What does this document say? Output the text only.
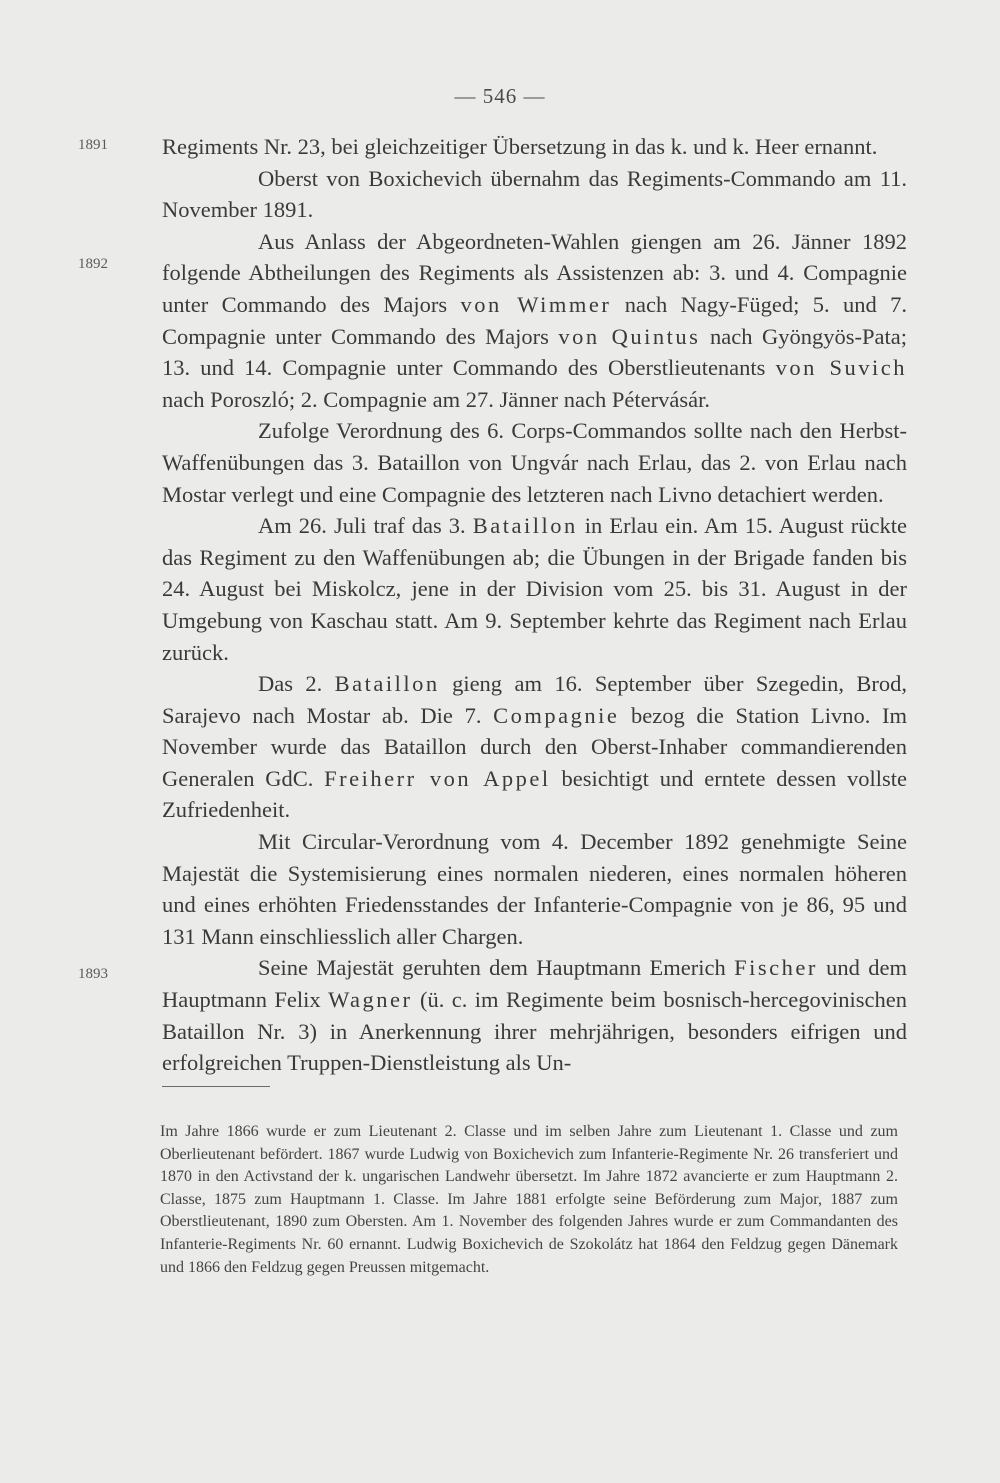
— 546 —
1891
1892
1893

Regiments Nr. 23, bei gleichzeitiger Übersetzung in das k. und k. Heer ernannt.

Oberst von Boxichevich übernahm das Regiments-Commando am 11. November 1891.

Aus Anlass der Abgeordneten-Wahlen giengen am 26. Jänner 1892 folgende Abtheilungen des Regiments als Assistenzen ab: 3. und 4. Compagnie unter Commando des Majors von Wimmer nach Nagy-Füged; 5. und 7. Compagnie unter Commando des Majors von Quintus nach Gyöngyös-Pata; 13. und 14. Compagnie unter Commando des Oberstlieutenants von Suvich nach Poroszló; 2. Compagnie am 27. Jänner nach Pétervásár.

Zufolge Verordnung des 6. Corps-Commandos sollte nach den Herbst-Waffenübungen das 3. Bataillon von Ungvár nach Erlau, das 2. von Erlau nach Mostar verlegt und eine Compagnie des letzteren nach Livno detachiert werden.

Am 26. Juli traf das 3. Bataillon in Erlau ein. Am 15. August rückte das Regiment zu den Waffenübungen ab; die Übungen in der Brigade fanden bis 24. August bei Miskolcz, jene in der Division vom 25. bis 31. August in der Umgebung von Kaschau statt. Am 9. September kehrte das Regiment nach Erlau zurück.

Das 2. Bataillon gieng am 16. September über Szegedin, Brod, Sarajevo nach Mostar ab. Die 7. Compagnie bezog die Station Livno. Im November wurde das Bataillon durch den Oberst-Inhaber commandierenden Generalen GdC. Freiherr von Appel besichtigt und erntete dessen vollste Zufriedenheit.

Mit Circular-Verordnung vom 4. December 1892 genehmigte Seine Majestät die Systemisierung eines normalen niederen, eines normalen höheren und eines erhöhten Friedensstandes der Infanterie-Compagnie von je 86, 95 und 131 Mann einschliesslich aller Chargen.

Seine Majestät geruhten dem Hauptmann Emerich Fischer und dem Hauptmann Felix Wagner (ü. c. im Regimente beim bosnisch-hercegovinischen Bataillon Nr. 3) in Anerkennung ihrer mehrjährigen, besonders eifrigen und erfolgreichen Truppen-Dienstleistung als Un-

Im Jahre 1866 wurde er zum Lieutenant 2. Classe und im selben Jahre zum Lieutenant 1. Classe und zum Oberlieutenant befördert. 1867 wurde Ludwig von Boxichevich zum Infanterie-Regimente Nr. 26 transferiert und 1870 in den Activstand der k. ungarischen Landwehr übersetzt. Im Jahre 1872 avancierte er zum Hauptmann 2. Classe, 1875 zum Hauptmann 1. Classe. Im Jahre 1881 erfolgte seine Beförderung zum Major, 1887 zum Oberstlieutenant, 1890 zum Obersten. Am 1. November des folgenden Jahres wurde er zum Commandanten des Infanterie-Regiments Nr. 60 ernannt. Ludwig Boxichevich de Szokolátz hat 1864 den Feldzug gegen Dänemark und 1866 den Feldzug gegen Preussen mitgemacht.
